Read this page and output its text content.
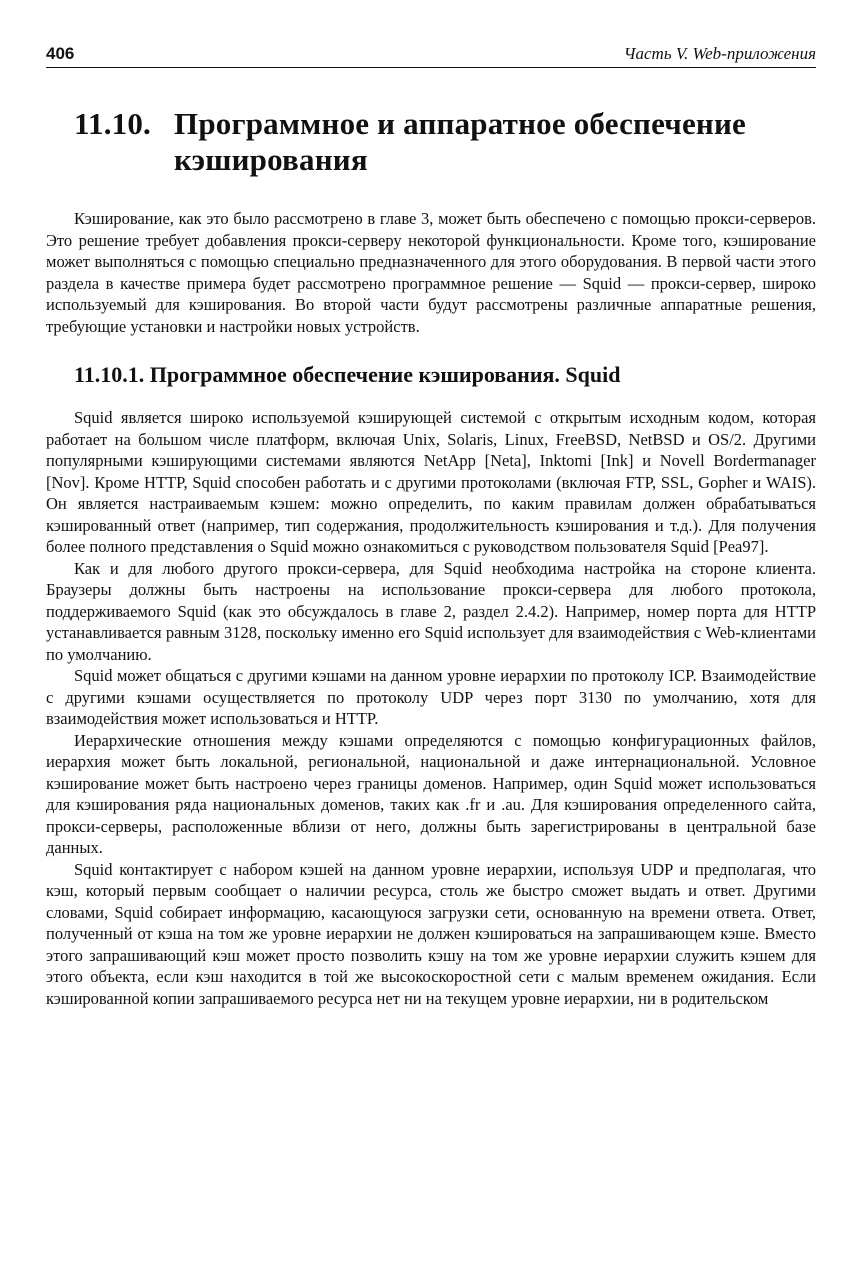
406	Часть V. Web-приложения
11.10. Программное и аппаратное обеспечение кэширования

Кэширование, как это было рассмотрено в главе 3, может быть обеспечено с помощью прокси-серверов. Это решение требует добавления прокси-серверу некоторой функциональности. Кроме того, кэширование может выполняться с помощью специально предназначенного для этого оборудования. В первой части этого раздела в качестве примера будет рассмотрено программное решение — Squid — прокси-сервер, широко используемый для кэширования. Во второй части будут рассмотрены различные аппаратные решения, требующие установки и настройки новых устройств.

11.10.1. Программное обеспечение кэширования. Squid

Squid является широко используемой кэширующей системой с открытым исходным кодом, которая работает на большом числе платформ, включая Unix, Solaris, Linux, FreeBSD, NetBSD и OS/2. Другими популярными кэширующими системами являются NetApp [Neta], Inktomi [Ink] и Novell Bordermanager [Nov]. Кроме HTTP, Squid способен работать и с другими протоколами (включая FTP, SSL, Gopher и WAIS). Он является настраиваемым кэшем: можно определить, по каким правилам должен обрабатываться кэшированный ответ (например, тип содержания, продолжительность кэширования и т.д.). Для получения более полного представления о Squid можно ознакомиться с руководством пользователя Squid [Pea97].

Как и для любого другого прокси-сервера, для Squid необходима настройка на стороне клиента. Браузеры должны быть настроены на использование прокси-сервера для любого протокола, поддерживаемого Squid (как это обсуждалось в главе 2, раздел 2.4.2). Например, номер порта для HTTP устанавливается равным 3128, поскольку именно его Squid использует для взаимодействия с Web-клиентами по умолчанию.

Squid может общаться с другими кэшами на данном уровне иерархии по протоколу ICP. Взаимодействие с другими кэшами осуществляется по протоколу UDP через порт 3130 по умолчанию, хотя для взаимодействия может использоваться и HTTP.

Иерархические отношения между кэшами определяются с помощью конфигурационных файлов, иерархия может быть локальной, региональной, национальной и даже интернациональной. Условное кэширование может быть настроено через границы доменов. Например, один Squid может использоваться для кэширования ряда национальных доменов, таких как .fr и .au. Для кэширования определенного сайта, прокси-серверы, расположенные вблизи от него, должны быть зарегистрированы в центральной базе данных.

Squid контактирует с набором кэшей на данном уровне иерархии, используя UDP и предполагая, что кэш, который первым сообщает о наличии ресурса, столь же быстро сможет выдать и ответ. Другими словами, Squid собирает информацию, касающуюся загрузки сети, основанную на времени ответа. Ответ, полученный от кэша на том же уровне иерархии не должен кэшироваться на запрашивающем кэше. Вместо этого запрашивающий кэш может просто позволить кэшу на том же уровне иерархии служить кэшем для этого объекта, если кэш находится в той же высокоскоростной сети с малым временем ожидания. Если кэшированной копии запрашиваемого ресурса нет ни на текущем уровне иерархии, ни в родительском
